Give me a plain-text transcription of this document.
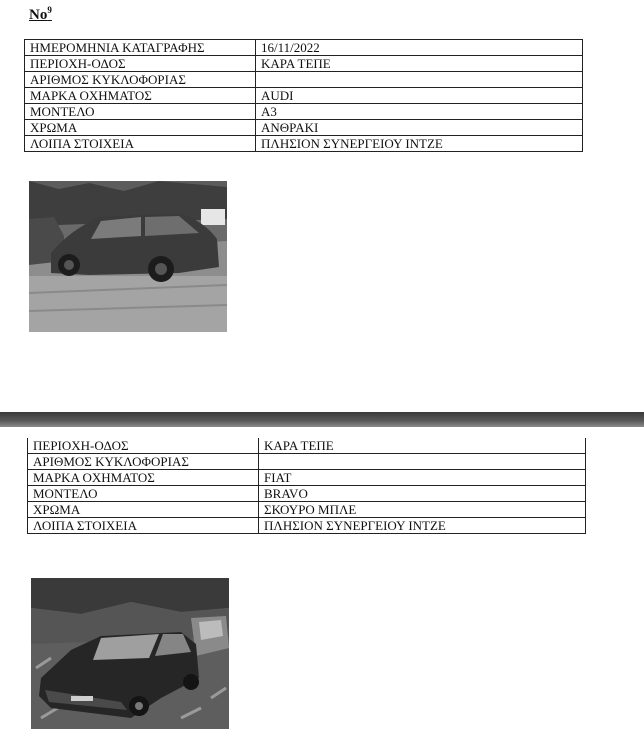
$No^9$
ΗΜΕΡΟΜΗΝΙΑ ΚΑΤΑΓΡΑΦΗΣ	16/11/2022
ΠΕΡΙΟΧΗ-ΟΔΟΣ	ΚΑΡΑ ΤΕΠΕ
ΑΡΙΘΜΟΣ ΚΥΚΛΟΦΟΡΙΑΣ	
ΜΑΡΚΑ ΟΧΗΜΑΤΟΣ	AUDI
ΜΟΝΤΕΛΟ	A3
ΧΡΩΜΑ	ΑΝΘΡΑΚΙ
ΛΟΙΠΑ ΣΤΟΙΧΕΙΑ	ΠΛΗΣΙΟΝ ΣΥΝΕΡΓΕΙΟΥ ΙΝΤΖΕ
ΠΕΡΙΟΧΗ-ΟΔΟΣ	ΚΑΡΑ ΤΕΠΕ
ΑΡΙΘΜΟΣ ΚΥΚΛΟΦΟΡΙΑΣ	
ΜΑΡΚΑ ΟΧΗΜΑΤΟΣ	FIAT
ΜΟΝΤΕΛΟ	BRAVO
ΧΡΩΜΑ	ΣΚΟΥΡΟ ΜΠΛΕ
ΛΟΙΠΑ ΣΤΟΙΧΕΙΑ	ΠΛΗΣΙΟΝ ΣΥΝΕΡΓΕΙΟΥ ΙΝΤΖΕ
